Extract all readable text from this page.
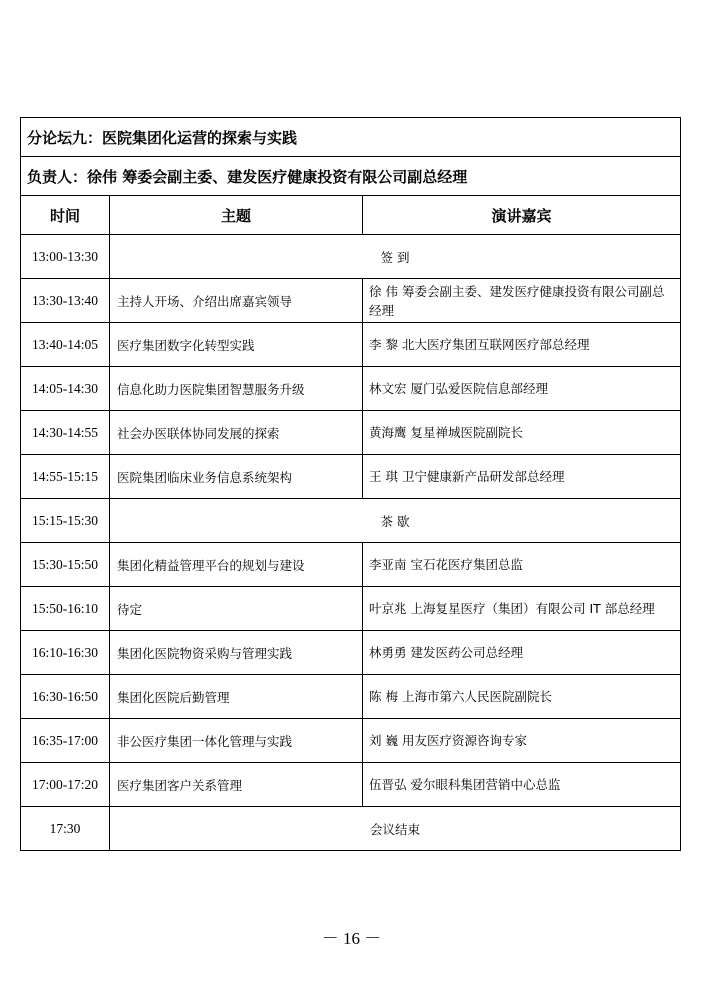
分论坛九：医院集团化运营的探索与实践		
负责人：徐伟 筹委会副主委、建发医疗健康投资有限公司副总经理		
时间	主题	演讲嘉宾
13:00-13:30	签 到	
13:30-13:40	主持人开场、介绍出席嘉宾领导	徐 伟 筹委会副主委、建发医疗健康投资有限公司副总经理
13:40-14:05	医疗集团数字化转型实践	李 黎 北大医疗集团互联网医疗部总经理
14:05-14:30	信息化助力医院集团智慧服务升级	林文宏 厦门弘爱医院信息部经理
14:30-14:55	社会办医联体协同发展的探索	黄海鹰 复星禅城医院副院长
14:55-15:15	医院集团临床业务信息系统架构	王 琪 卫宁健康新产品研发部总经理
15:15-15:30	茶 歇	
15:30-15:50	集团化精益管理平台的规划与建设	李亚南 宝石花医疗集团总监
15:50-16:10	待定	叶京兆 上海复星医疗（集团）有限公司 IT 部总经理
16:10-16:30	集团化医院物资采购与管理实践	林勇勇 建发医药公司总经理
16:30-16:50	集团化医院后勤管理	陈 梅 上海市第六人民医院副院长
16:35-17:00	非公医疗集团一体化管理与实践	刘 巍 用友医疗资源咨询专家
17:00-17:20	医疗集团客户关系管理	伍晋弘 爱尔眼科集团营销中心总监
17:30	会议结束	
－ 16 －
